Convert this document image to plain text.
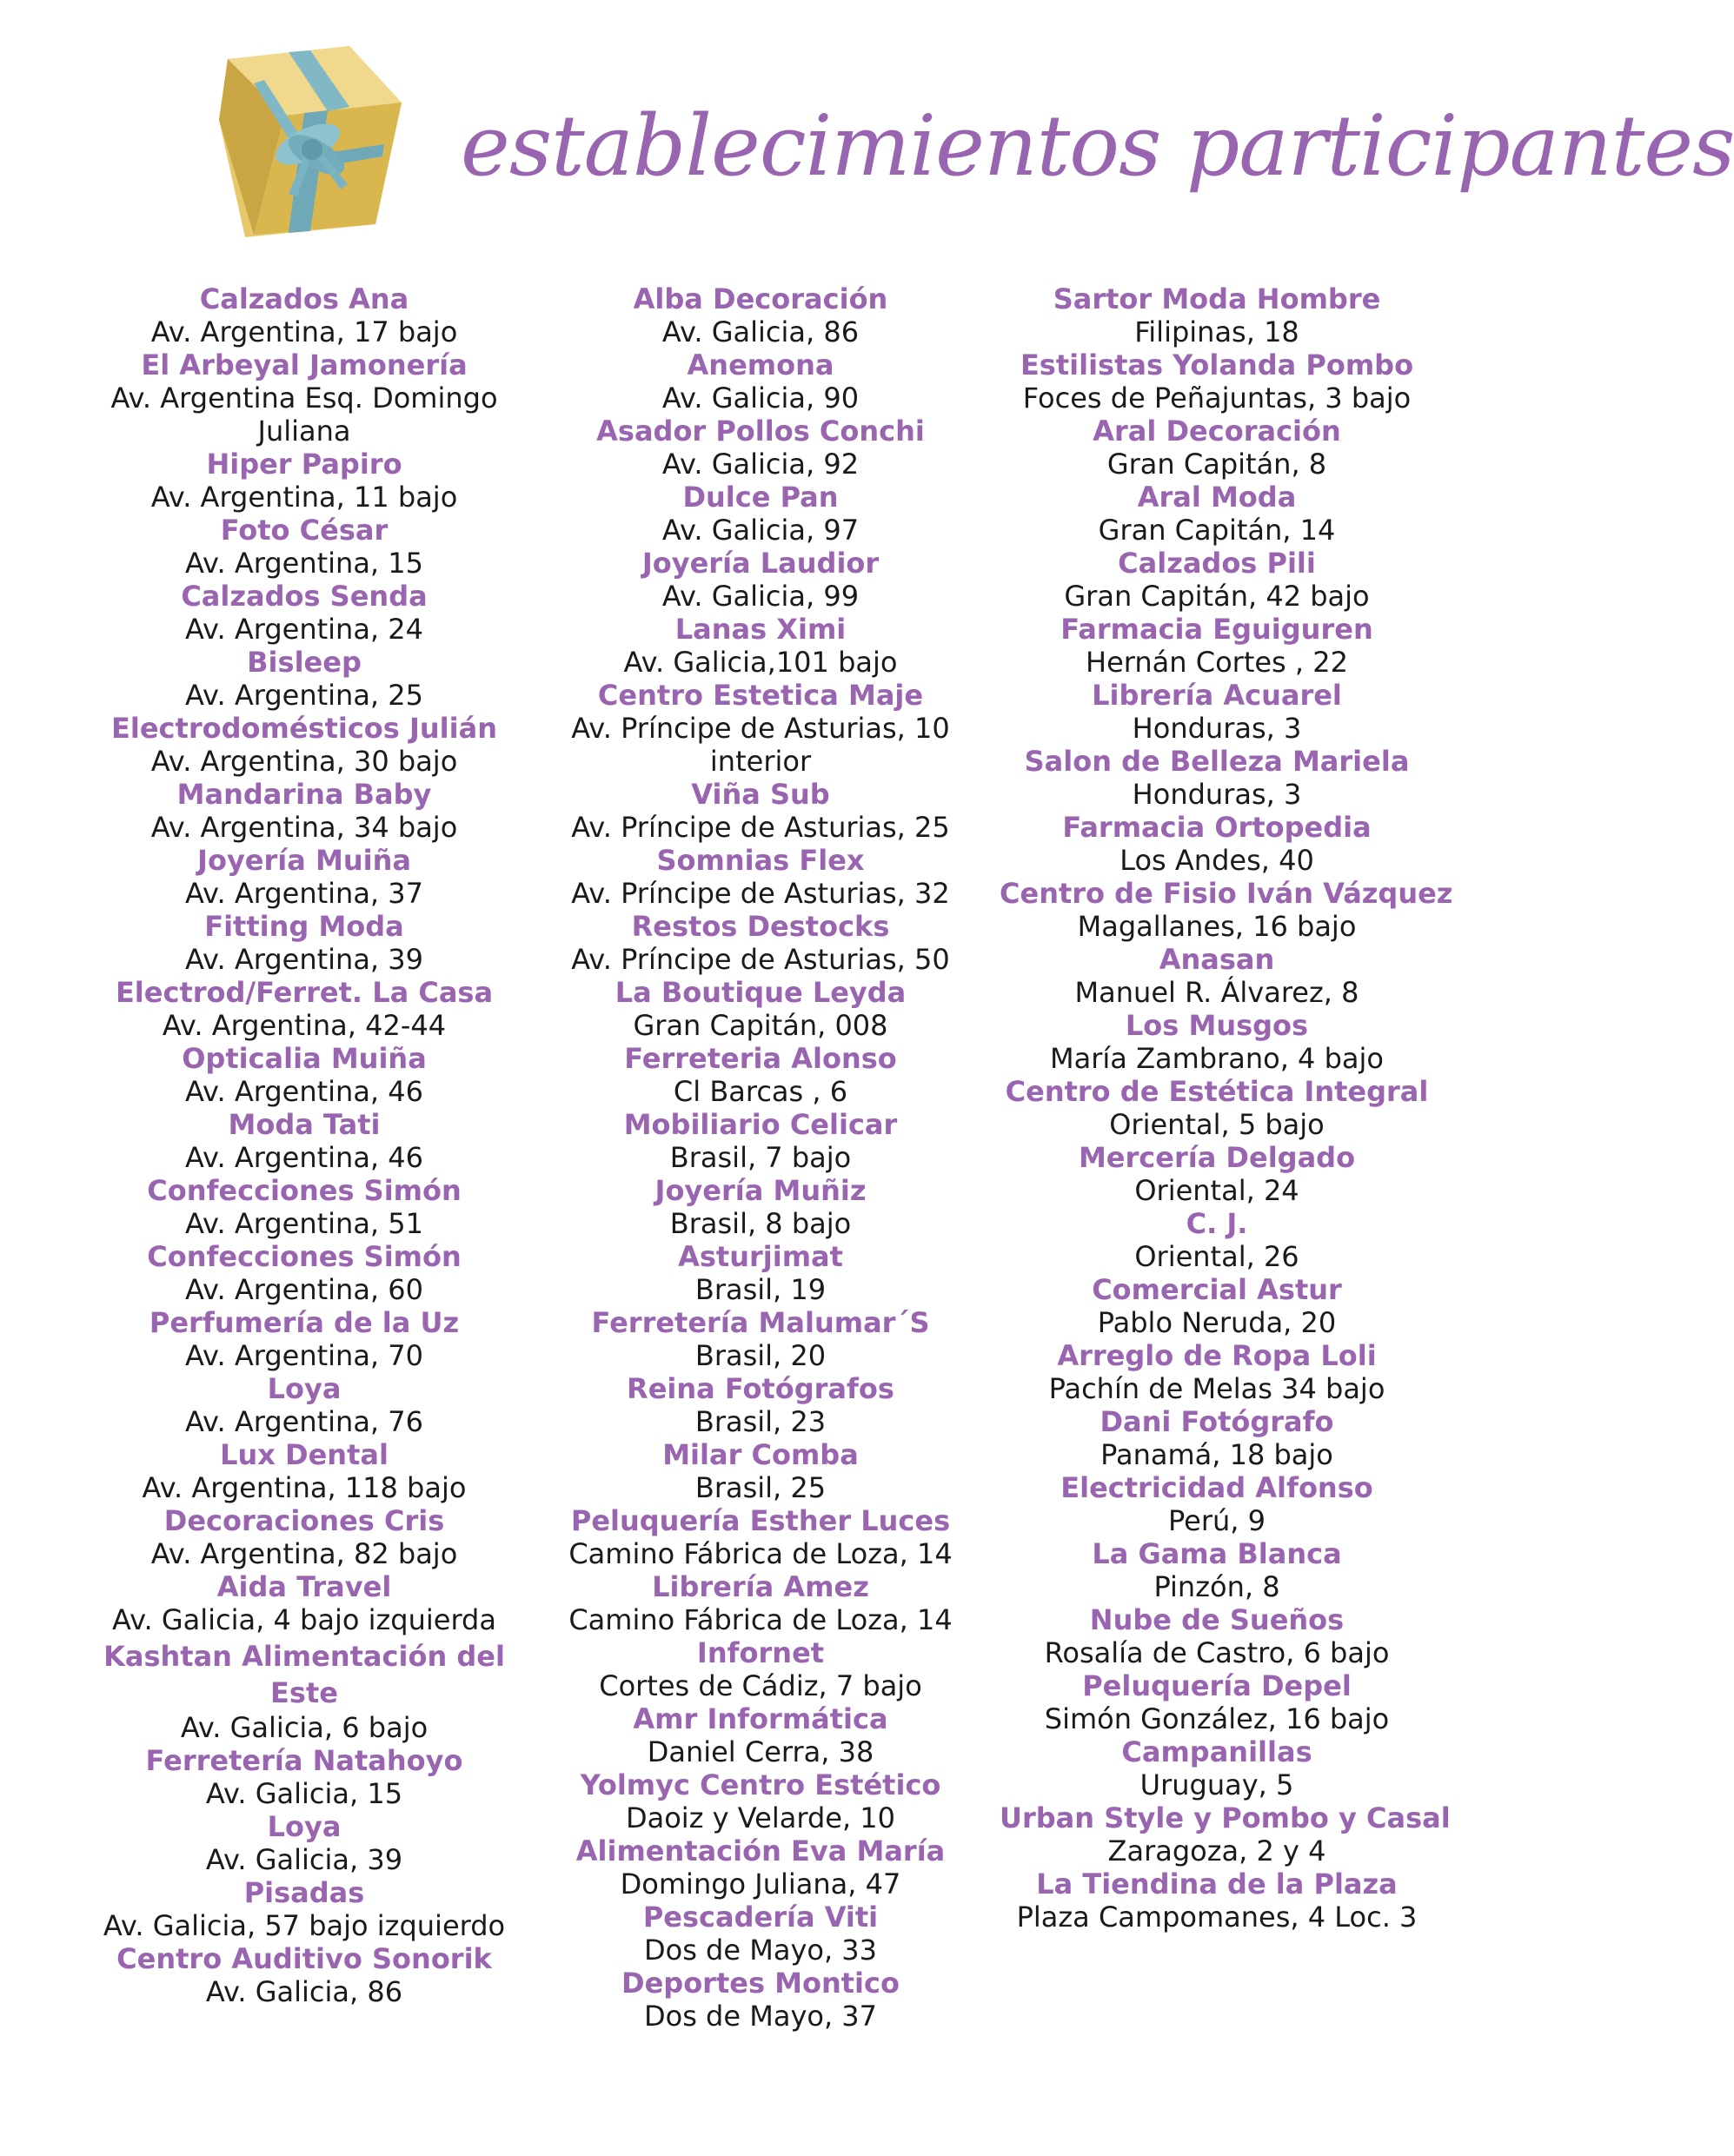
establecimientos participantes
Calzados Ana
Av. Argentina, 17 bajo
El Arbeyal Jamonería
Av. Argentina Esq. Domingo Juliana
Hiper Papiro
Av. Argentina, 11 bajo
Foto César
Av. Argentina, 15
Calzados Senda
Av. Argentina, 24
Bisleep
Av. Argentina, 25
Electrodomésticos Julián
Av. Argentina, 30 bajo
Mandarina Baby
Av. Argentina, 34 bajo
Joyería Muiña
Av. Argentina, 37
Fitting Moda
Av. Argentina, 39
Electrod/Ferret. La Casa
Av. Argentina, 42-44
Opticalia Muiña
Av. Argentina, 46
Moda Tati
Av. Argentina, 46
Confecciones Simón
Av. Argentina, 51
Confecciones Simón
Av. Argentina, 60
Perfumería de la Uz
Av. Argentina, 70
Loya
Av. Argentina, 76
Lux Dental
Av. Argentina, 118 bajo
Decoraciones Cris
Av. Argentina, 82 bajo
Aida Travel
Av. Galicia, 4 bajo izquierda
Kashtan Alimentación del Este
Av. Galicia, 6 bajo
Ferretería Natahoyo
Av. Galicia, 15
Loya
Av. Galicia, 39
Pisadas
Av. Galicia, 57 bajo izquierdo
Centro Auditivo Sonorik
Av. Galicia, 86
Alba Decoración
Av. Galicia, 86
Anemona
Av. Galicia, 90
Asador Pollos Conchi
Av. Galicia, 92
Dulce Pan
Av. Galicia, 97
Joyería Laudior
Av. Galicia, 99
Lanas Ximi
Av. Galicia,101 bajo
Centro Estetica Maje
Av. Príncipe de Asturias, 10 interior
Viña Sub
Av. Príncipe de Asturias, 25
Somnias Flex
Av. Príncipe de Asturias, 32
Restos Destocks
Av. Príncipe de Asturias, 50
La Boutique Leyda
Gran Capitán, 008
Ferreteria Alonso
Cl Barcas , 6
Mobiliario Celicar
Brasil, 7 bajo
Joyería Muñiz
Brasil, 8 bajo
Asturjimat
Brasil, 19
Ferretería Malumar´S
Brasil, 20
Reina Fotógrafos
Brasil, 23
Milar Comba
Brasil, 25
Peluquería Esther Luces
Camino Fábrica de Loza, 14
Librería Amez
Camino Fábrica de Loza, 14
Infornet
Cortes de Cádiz, 7 bajo
Amr Informática
Daniel Cerra, 38
Yolmyc Centro Estético
Daoiz y Velarde, 10
Alimentación Eva María
Domingo Juliana, 47
Pescadería Viti
Dos de Mayo, 33
Deportes Montico
Dos de Mayo, 37
Sartor Moda Hombre
Filipinas, 18
Estilistas Yolanda Pombo
Foces de Peñajuntas, 3 bajo
Aral Decoración
Gran Capitán, 8
Aral Moda
Gran Capitán, 14
Calzados Pili
Gran Capitán, 42 bajo
Farmacia Eguiguren
Hernán Cortes , 22
Librería Acuarel
Honduras, 3
Salon de Belleza Mariela
Honduras, 3
Farmacia Ortopedia
Los Andes, 40
Centro de Fisio Iván Vázquez
Magallanes, 16 bajo
Anasan
Manuel R. Álvarez, 8
Los Musgos
María Zambrano, 4 bajo
Centro de Estética Integral
Oriental, 5 bajo
Mercería Delgado
Oriental, 24
C. J.
Oriental, 26
Comercial Astur
Pablo Neruda, 20
Arreglo de Ropa Loli
Pachín de Melas 34 bajo
Dani Fotógrafo
Panamá, 18 bajo
Electricidad Alfonso
Perú, 9
La Gama Blanca
Pinzón, 8
Nube de Sueños
Rosalía de Castro, 6 bajo
Peluquería Depel
Simón González, 16 bajo
Campanillas
Uruguay, 5
Urban Style y Pombo y Casal
Zaragoza, 2 y 4
La Tiendina de la Plaza
Plaza Campomanes, 4 Loc. 3
